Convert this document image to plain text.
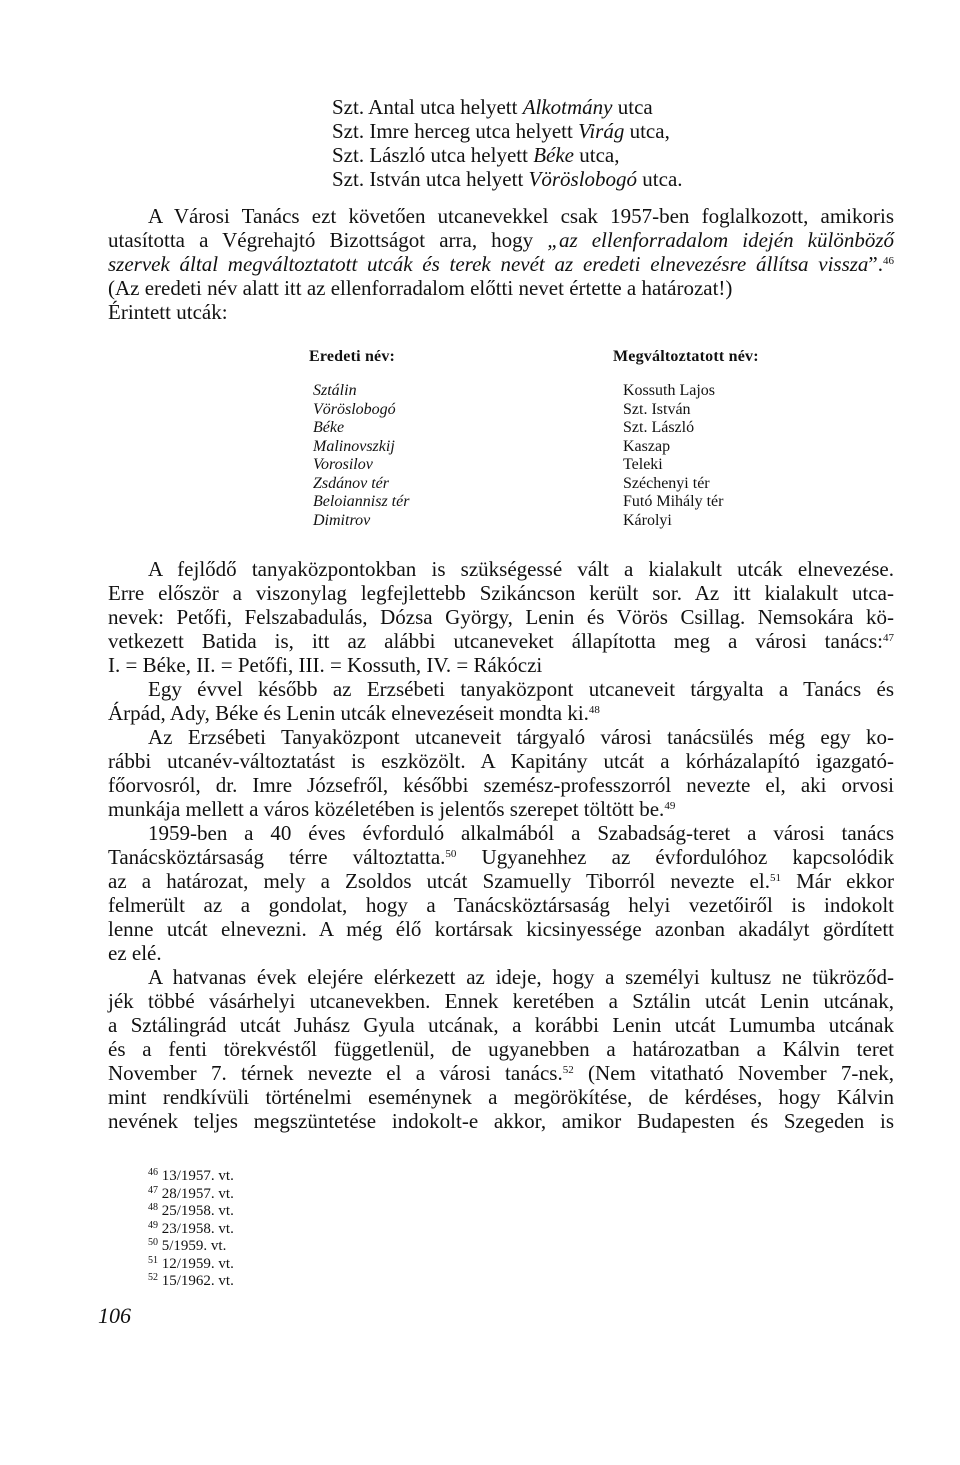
Szt. Antal utca helyett Alkotmány utca
Szt. Imre herceg utca helyett Virág utca,
Szt. László utca helyett Béke utca,
Szt. István utca helyett Vöröslobogó utca.
A Városi Tanács ezt követően utcanevekkel csak 1957-ben foglalkozott, amikoris
utasította a Végrehajtó Bizottságot arra, hogy „az ellenforradalom idején különböző
szervek által megváltoztatott utcák és terek nevét az eredeti elnevezésre állítsa vissza”.$^{46}$
(Az eredeti név alatt itt az ellenforradalom előtti nevet értette a határozat!)
Érintett utcák:
Eredeti név:	Megváltoztatott név:
Sztálin
Vöröslobogó
Béke
Malinovszkij
Vorosilov
Zsdánov tér
Beloiannisz tér
Dimitrov
Kossuth Lajos
Szt. István
Szt. László
Kaszap
Teleki
Széchenyi tér
Futó Mihály tér
Károlyi
A fejlődő tanyaközpontokban is szükségessé vált a kialakult utcák elnevezése.
Erre először a viszonylag legfejlettebb Szikáncson került sor. Az itt kialakult utca-
nevek: Petőfi, Felszabadulás, Dózsa György, Lenin és Vörös Csillag. Nemsokára kö-
vetkezett Batida is, itt az alábbi utcaneveket állapította meg a városi tanács:$^{47}$
I. = Béke, II. = Petőfi, III. = Kossuth, IV. = Rákóczi
Egy évvel később az Erzsébeti tanyaközpont utcaneveit tárgyalta a Tanács és
Árpád, Ady, Béke és Lenin utcák elnevezéseit mondta ki.$^{48}$
Az Erzsébeti Tanyaközpont utcaneveit tárgyaló városi tanácsülés még egy ko-
rábbi utcanév-változtatást is eszközölt. A Kapitány utcát a kórházalapító igazgató-
főorvosról, dr. Imre Józsefről, későbbi szemész-professzorról nevezte el, aki orvosi
munkája mellett a város közéletében is jelentős szerepet töltött be.$^{49}$
1959-ben a 40 éves évforduló alkalmából a Szabadság-teret a városi tanács
Tanácsköztársaság térre változtatta.$^{50}$ Ugyanehhez az évfordulóhoz kapcsolódik
az a határozat, mely a Zsoldos utcát Szamuelly Tiborról nevezte el.$^{51}$ Már ekkor
felmerült az a gondolat, hogy a Tanácsköztársaság helyi vezetőiről is indokolt
lenne utcát elnevezni. A még élő kortársak kicsinyessége azonban akadályt gördített
ez elé.
A hatvanas évek elejére elérkezett az ideje, hogy a személyi kultusz ne tükröződ-
jék többé vásárhelyi utcanevekben. Ennek keretében a Sztálin utcát Lenin utcának,
a Sztálingrád utcát Juhász Gyula utcának, a korábbi Lenin utcát Lumumba utcának
és a fenti törekvéstől függetlenül, de ugyanebben a határozatban a Kálvin teret
November 7. térnek nevezte el a városi tanács.$^{52}$ (Nem vitatható November 7-nek,
mint rendkívüli történelmi eseménynek a megörökítése, de kérdéses, hogy Kálvin
nevének teljes megszüntetése indokolt-e akkor, amikor Budapesten és Szegeden is
$^{46}$ 13/1957. vt.
$^{47}$ 28/1957. vt.
$^{48}$ 25/1958. vt.
$^{49}$ 23/1958. vt.
$^{50}$ 5/1959. vt.
$^{51}$ 12/1959. vt.
$^{52}$ 15/1962. vt.
106
